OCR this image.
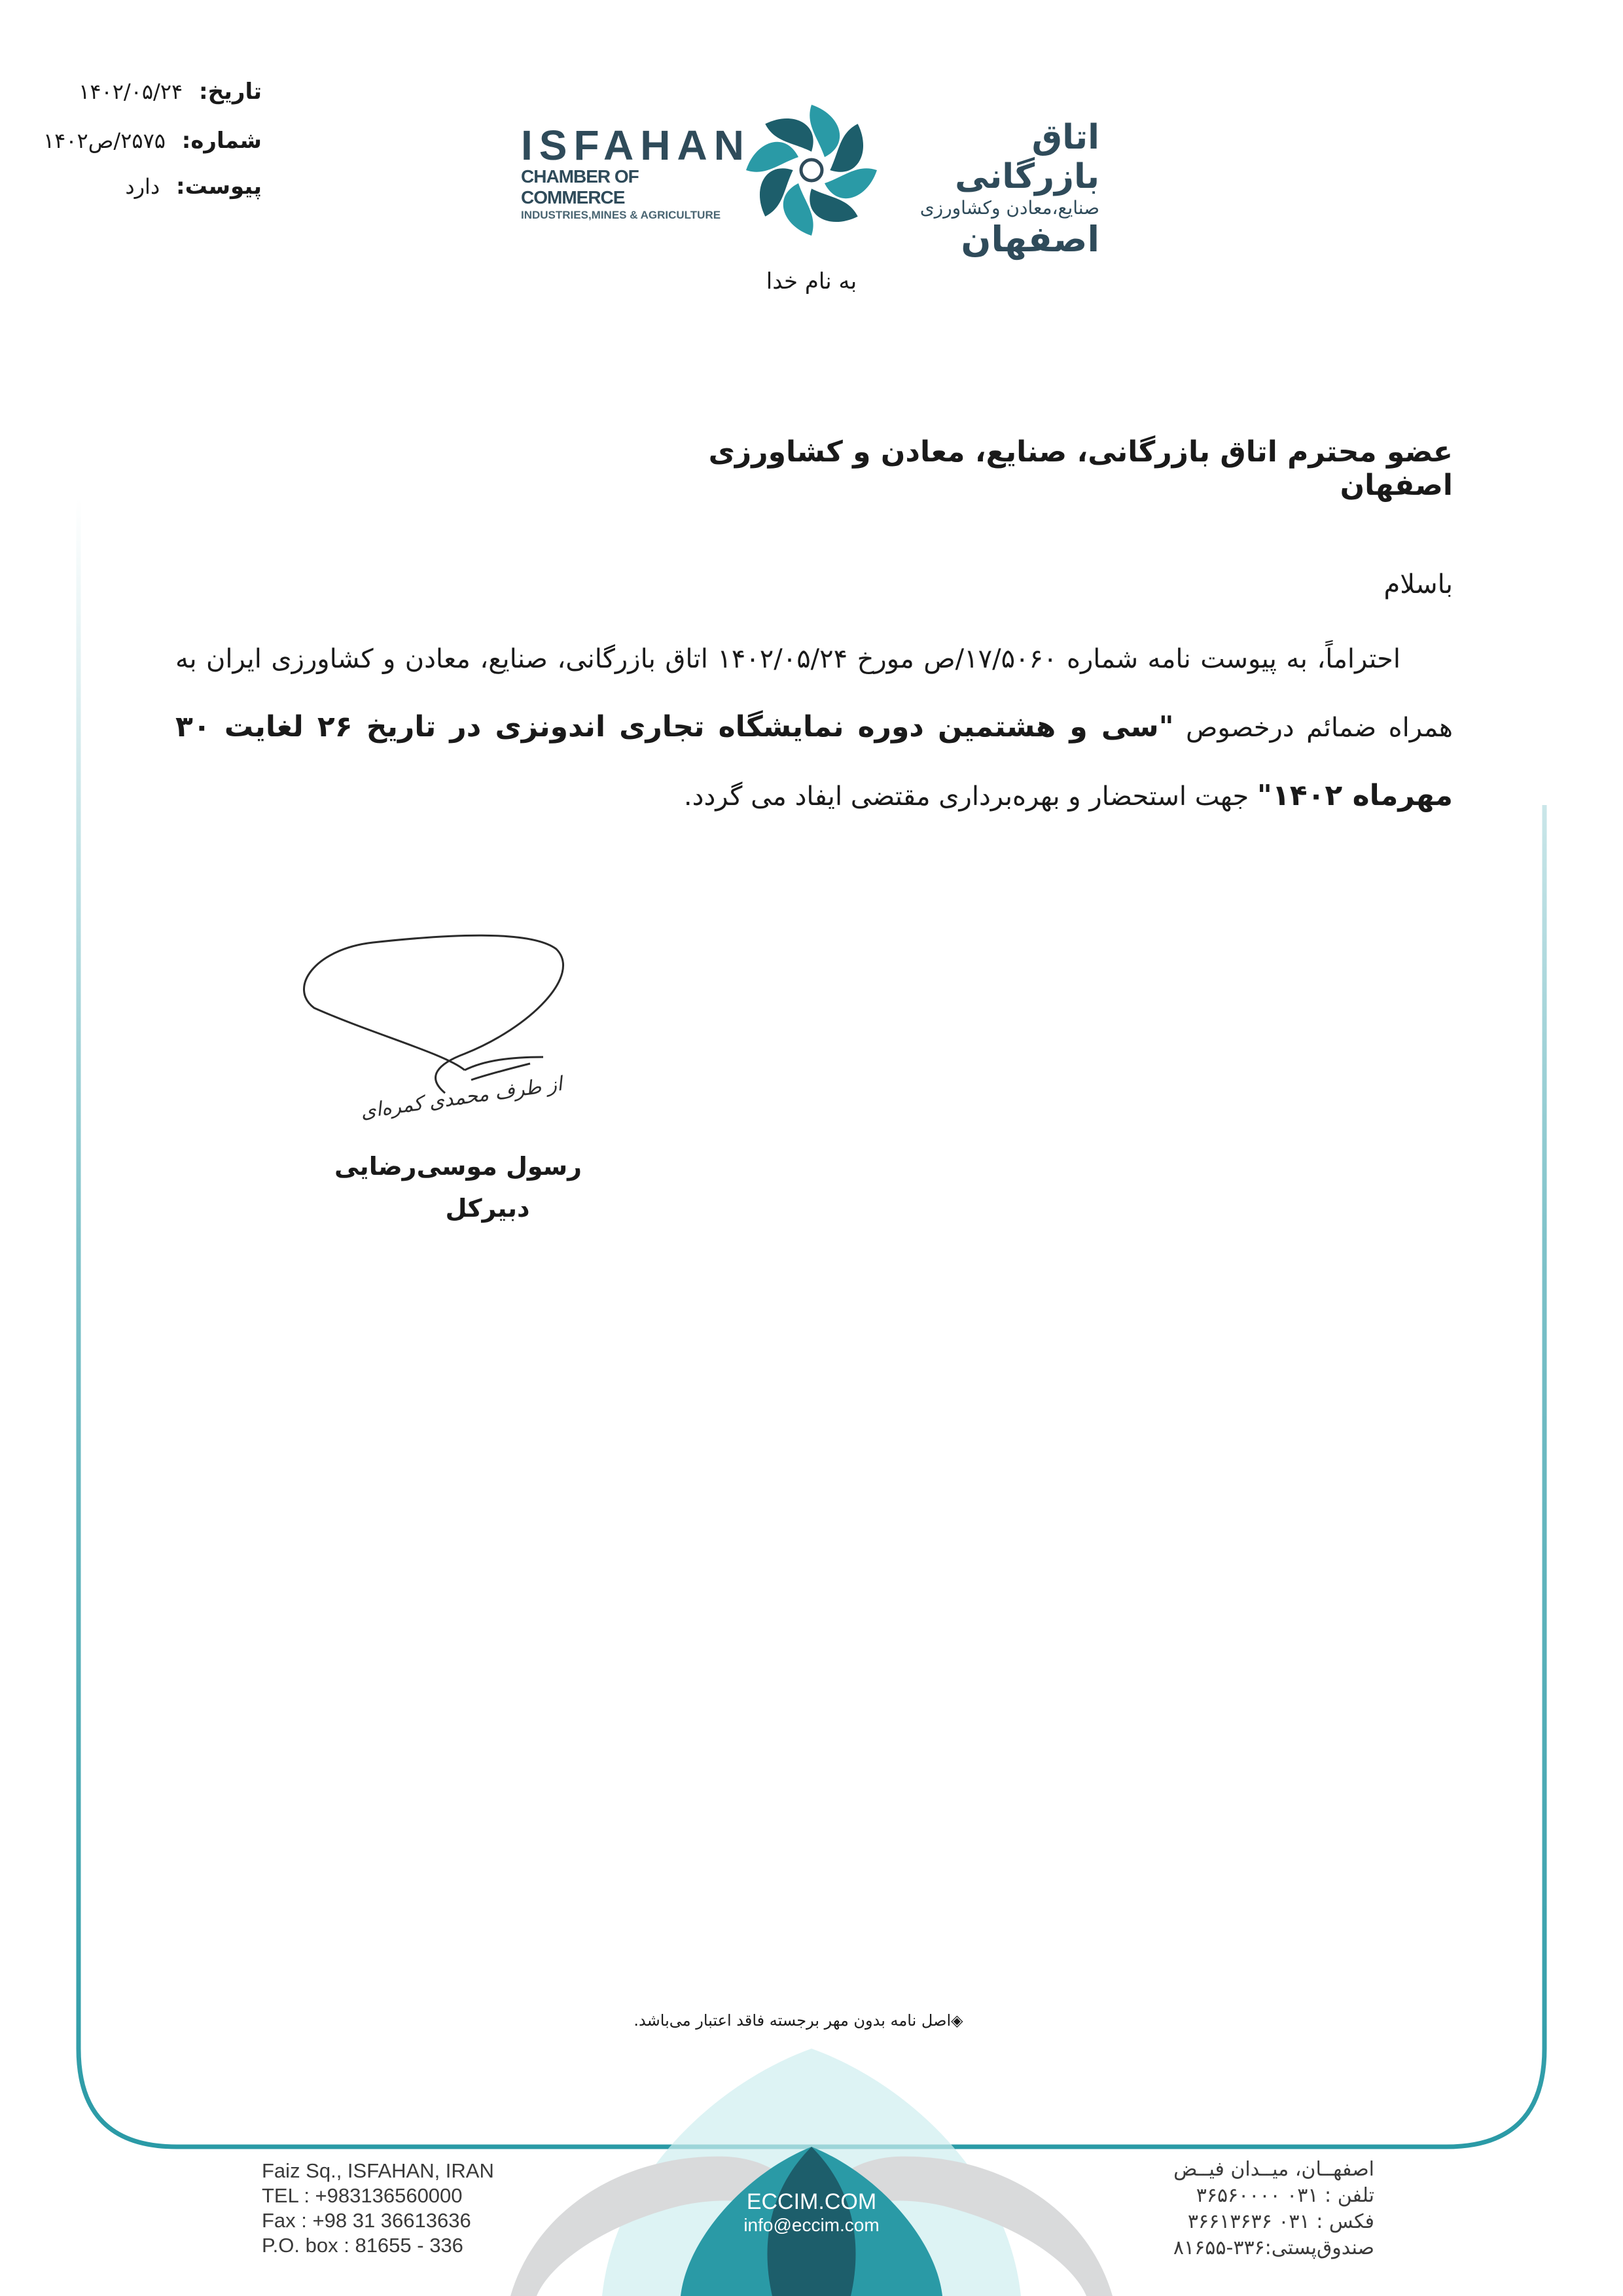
تاریخ: ۱۴۰۲/۰۵/۲۴
شماره: ۲۵۷۵/ص۱۴۰۲
پیوست: دارد
ISFAHAN
CHAMBER OF COMMERCE
INDUSTRIES,MINES & AGRICULTURE
اتاق بازرگانی
صنایع،معادن وکشاورزی
اصفهان
به نام خدا
عضو محترم اتاق بازرگانی، صنایع، معادن و کشاورزی اصفهان
باسلام
احتراماً، به پیوست نامه شماره ۱۷/۵۰۶۰/ص مورخ ۱۴۰۲/۰۵/۲۴ اتاق بازرگانی، صنایع، معادن و کشاورزی ایران به همراه ضمائم درخصوص "سی و هشتمین دوره نمایشگاه تجاری اندونزی در تاریخ ۲۶ لغایت ۳۰ مهرماه ۱۴۰۲" جهت استحضار و بهره‌برداری مقتضی ایفاد می گردد.
از طرف محمدی کمره‌ای
رسول موسی‌رضایی
دبیرکل
◈اصل نامه بدون مهر برجسته فاقد اعتبار می‌باشد.
Faiz Sq., ISFAHAN, IRAN
TEL : +983136560000
Fax : +98 31 36613636
P.O. box : 81655 - 336
ECCIM.COM
info@eccim.com
اصفهــان، میــدان فیــض
تلفن : ۰۳۱ ۳۶۵۶۰۰۰۰
فکس : ۰۳۱ ۳۶۶۱۳۶۳۶
صندوق‌پستی:۳۳۶-۸۱۶۵۵
